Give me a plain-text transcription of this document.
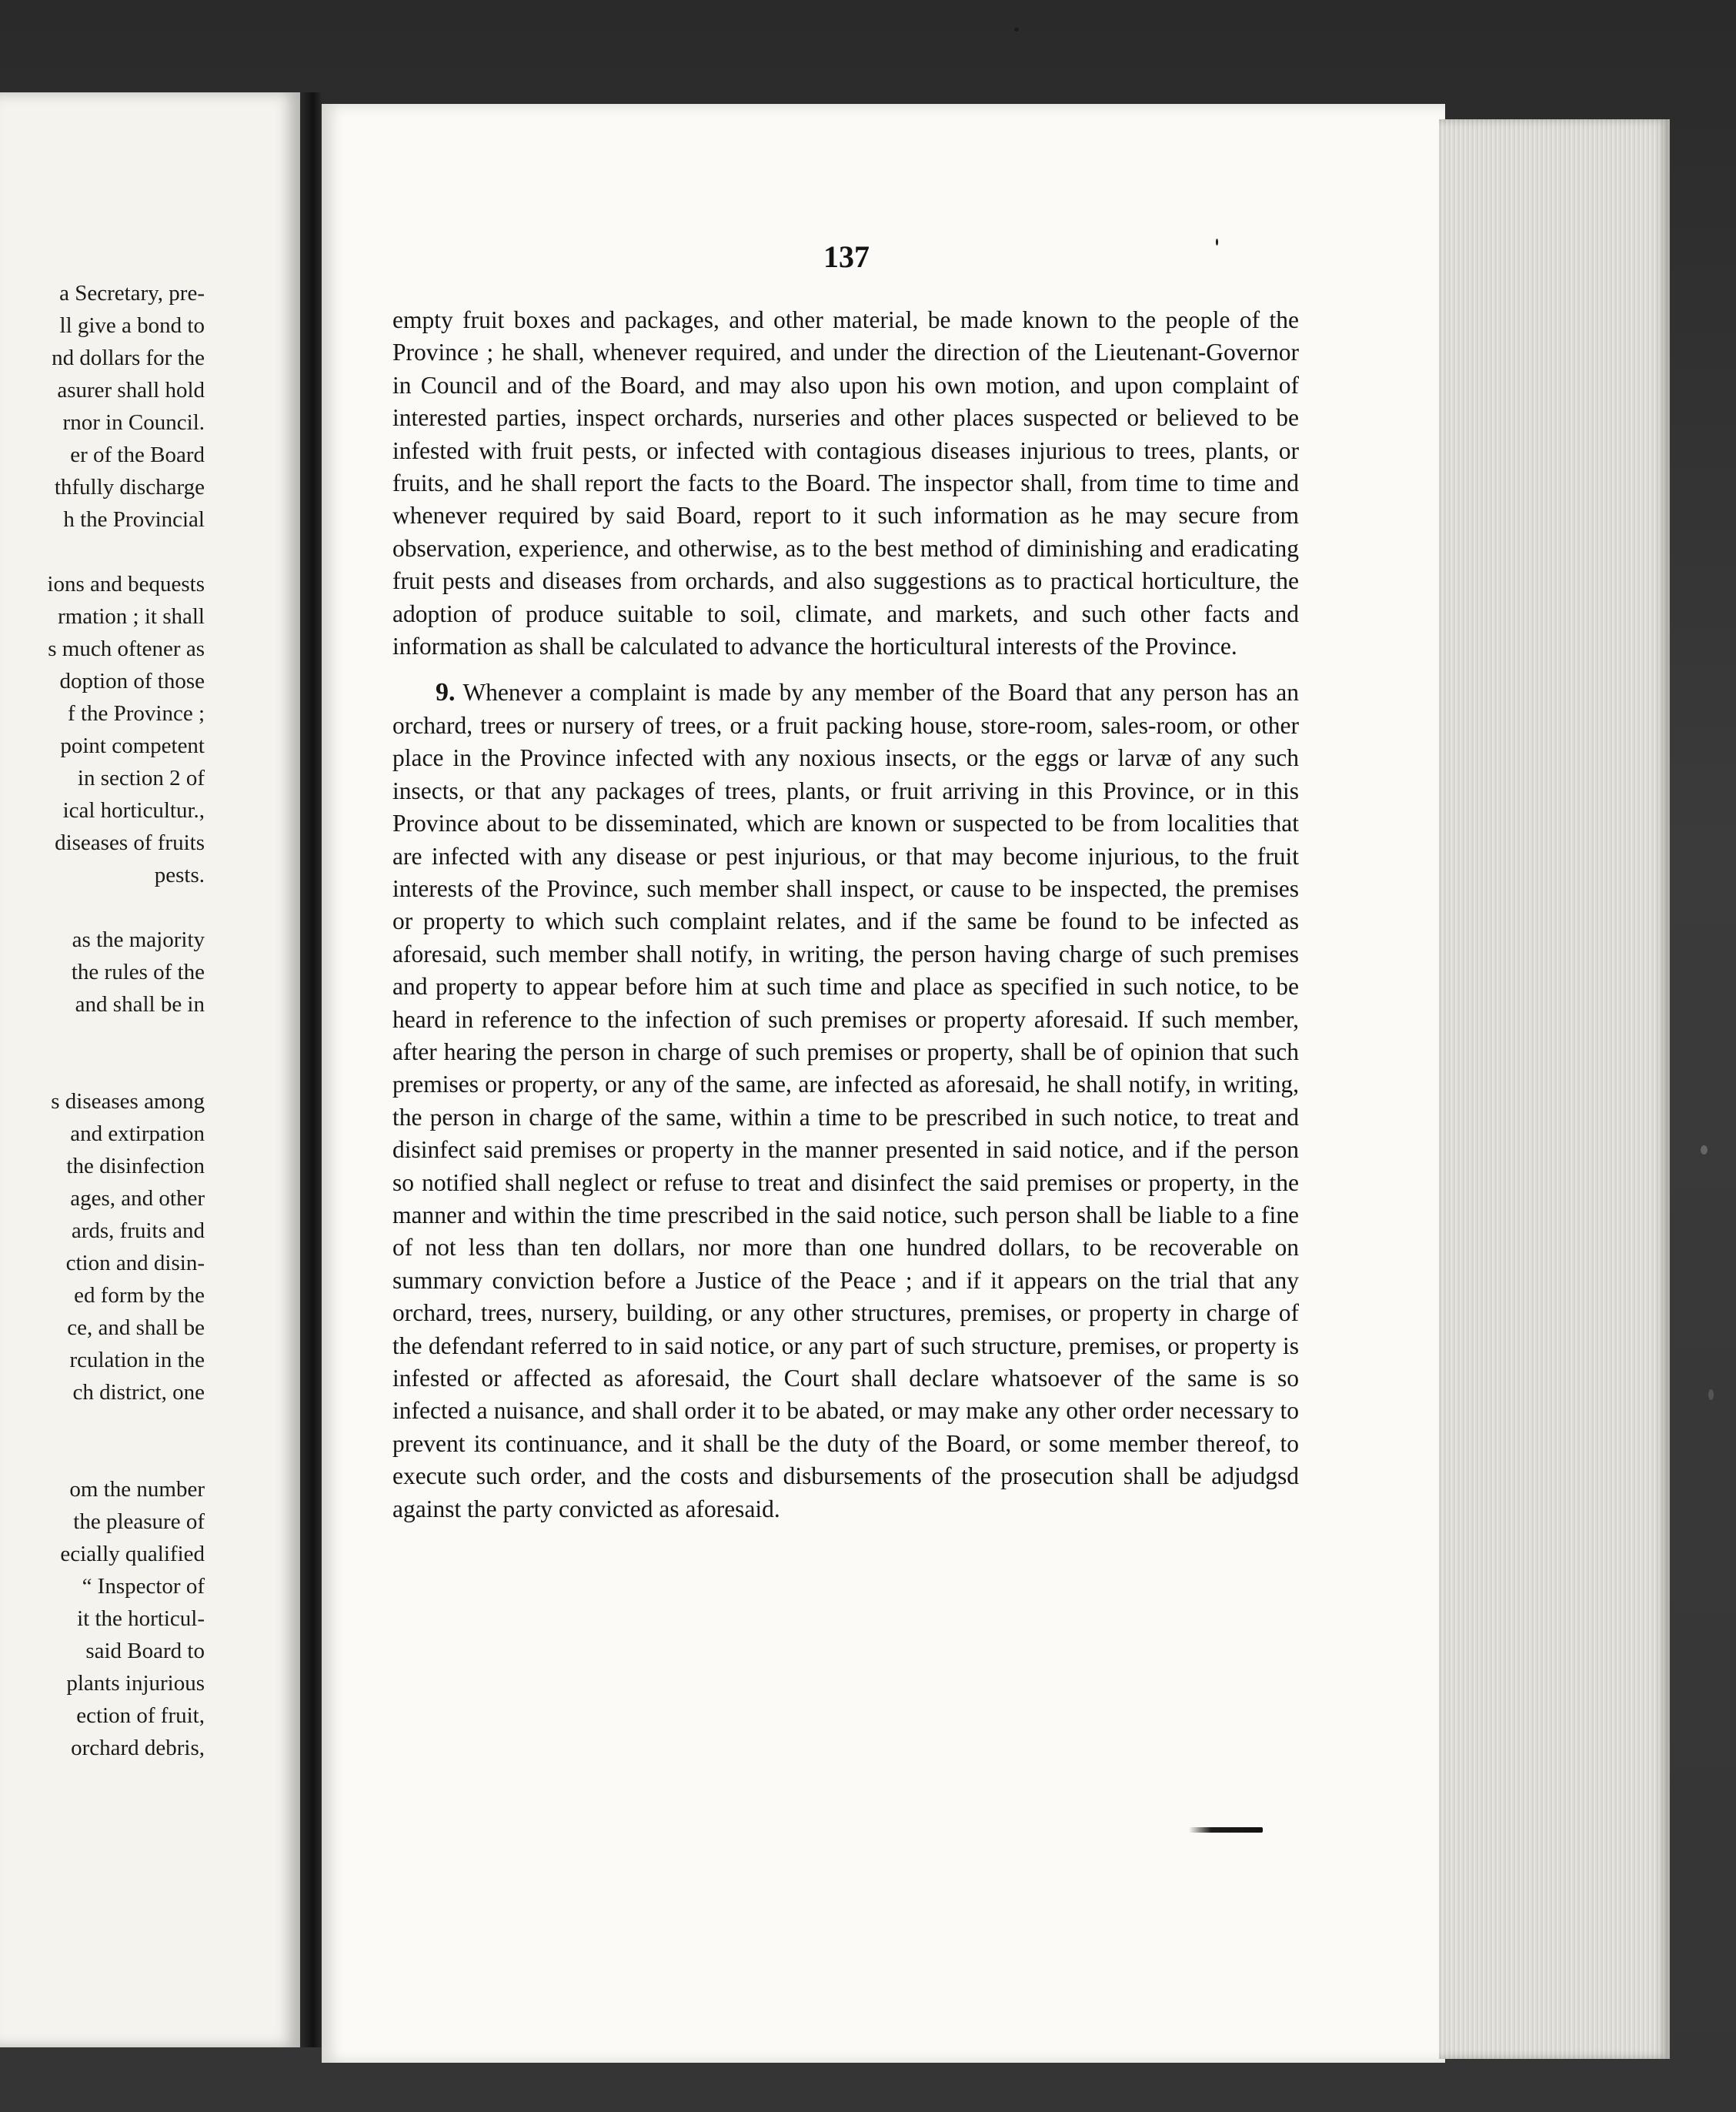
a Secretary, pre-
ll give a bond to
nd dollars for the
asurer shall hold
rnor in Council.
er of the Board
thfully discharge
h the Provincial
ions and bequests
rmation ; it shall
s much oftener as
doption of those
f the Province ;
point competent
in section 2 of
ical horticultur.,
diseases of fruits
pests.
as the majority
the rules of the
and shall be in
s diseases among
and extirpation
the disinfection
ages, and other
ards, fruits and
ction and disin-
ed form by the
ce, and shall be
rculation in the
ch district, one
om the number
the pleasure of
ecially qualified
“ Inspector of
it the horticul-
said Board to
plants injurious
ection of fruit,
orchard debris,
137

empty fruit boxes and packages, and other material, be made known to the people of the Province ; he shall, whenever required, and under the direction of the Lieutenant-Governor in Council and of the Board, and may also upon his own motion, and upon complaint of interested parties, inspect orchards, nurseries and other places suspected or believed to be infested with fruit pests, or infected with contagious diseases injurious to trees, plants, or fruits, and he shall report the facts to the Board. The inspector shall, from time to time and whenever required by said Board, report to it such information as he may secure from observation, experience, and otherwise, as to the best method of diminishing and eradicating fruit pests and diseases from orchards, and also suggestions as to practical horticulture, the adoption of produce suitable to soil, climate, and markets, and such other facts and information as shall be calculated to advance the horticultural interests of the Province.

9. Whenever a complaint is made by any member of the Board that any person has an orchard, trees or nursery of trees, or a fruit packing house, store-room, sales-room, or other place in the Province infected with any noxious insects, or the eggs or larvæ of any such insects, or that any packages of trees, plants, or fruit arriving in this Province, or in this Province about to be disseminated, which are known or suspected to be from localities that are infected with any disease or pest injurious, or that may become injurious, to the fruit interests of the Province, such member shall inspect, or cause to be inspected, the premises or property to which such complaint relates, and if the same be found to be infected as aforesaid, such member shall notify, in writing, the person having charge of such premises and property to appear before him at such time and place as specified in such notice, to be heard in reference to the infection of such premises or property aforesaid. If such member, after hearing the person in charge of such premises or property, shall be of opinion that such premises or property, or any of the same, are infected as aforesaid, he shall notify, in writing, the person in charge of the same, within a time to be prescribed in such notice, to treat and disinfect said premises or property in the manner presented in said notice, and if the person so notified shall neglect or refuse to treat and disinfect the said premises or property, in the manner and within the time prescribed in the said notice, such person shall be liable to a fine of not less than ten dollars, nor more than one hundred dollars, to be recoverable on summary conviction before a Justice of the Peace ; and if it appears on the trial that any orchard, trees, nursery, building, or any other structures, premises, or property in charge of the defendant referred to in said notice, or any part of such structure, premises, or property is infested or affected as aforesaid, the Court shall declare whatsoever of the same is so infected a nuisance, and shall order it to be abated, or may make any other order necessary to prevent its continuance, and it shall be the duty of the Board, or some member thereof, to execute such order, and the costs and disbursements of the prosecution shall be adjudgsd against the party convicted as aforesaid.
